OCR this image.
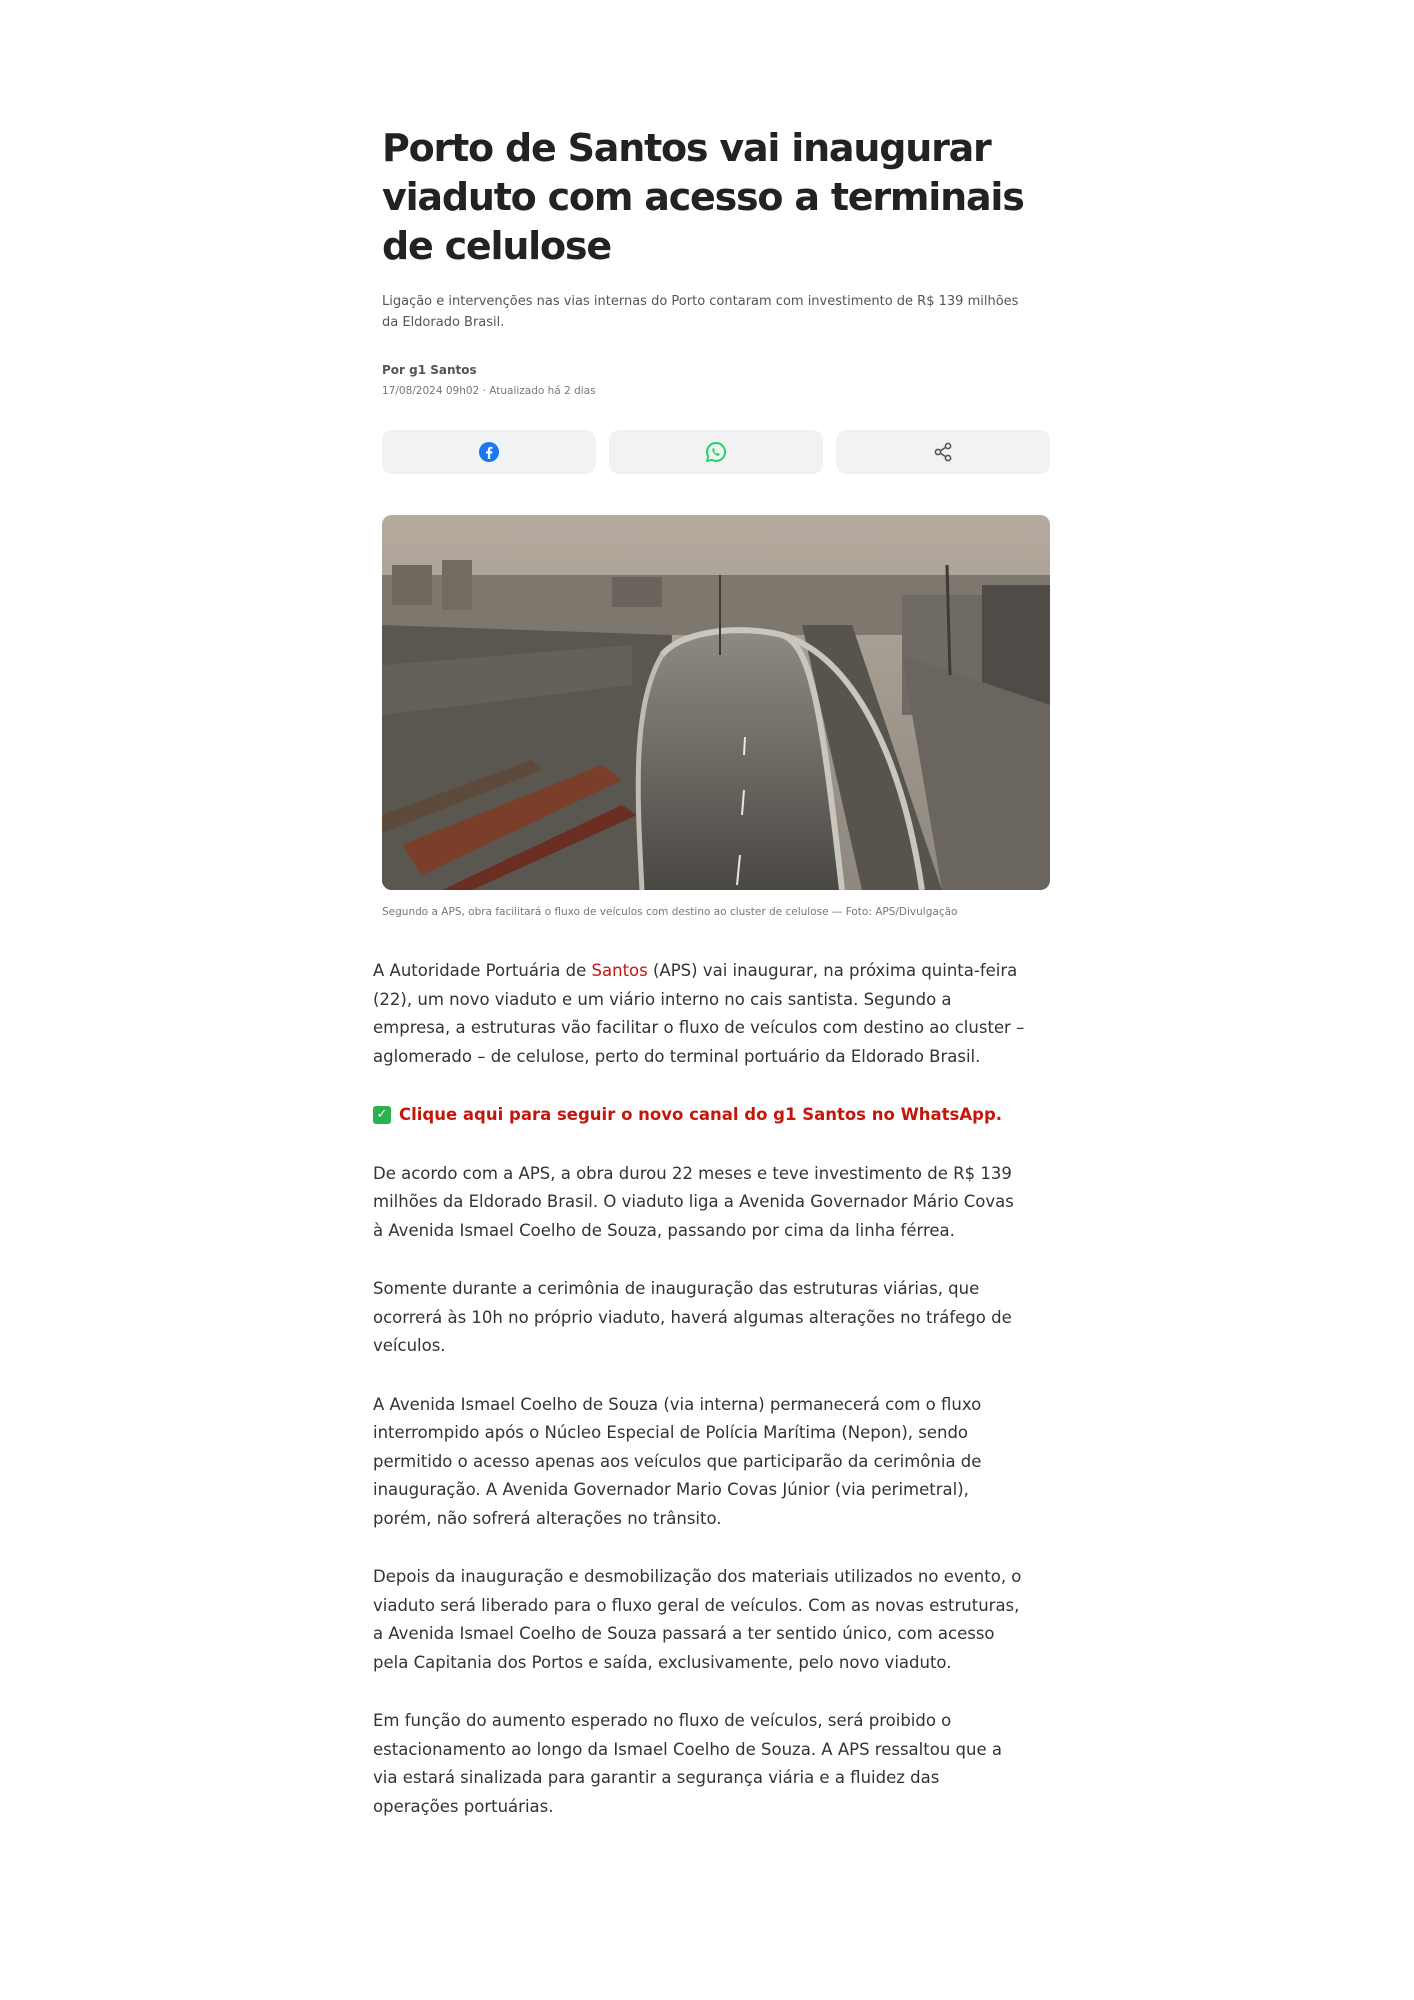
Porto de Santos vai inaugurar viaduto com acesso a terminais de celulose

Ligação e intervenções nas vias internas do Porto contaram com investimento de R$ 139 milhões da Eldorado Brasil.

Por g1 Santos
17/08/2024 09h02 · Atualizado há 2 dias
Segundo a APS, obra facilitará o fluxo de veículos com destino ao cluster de celulose — Foto: APS/Divulgação

A Autoridade Portuária de Santos (APS) vai inaugurar, na próxima quinta-feira (22), um novo viaduto e um viário interno no cais santista. Segundo a empresa, a estruturas vão facilitar o fluxo de veículos com destino ao cluster – aglomerado – de celulose, perto do terminal portuário da Eldorado Brasil.

✓ Clique aqui para seguir o novo canal do g1 Santos no WhatsApp.

De acordo com a APS, a obra durou 22 meses e teve investimento de R$ 139 milhões da Eldorado Brasil. O viaduto liga a Avenida Governador Mário Covas à Avenida Ismael Coelho de Souza, passando por cima da linha férrea.

Somente durante a cerimônia de inauguração das estruturas viárias, que ocorrerá às 10h no próprio viaduto, haverá algumas alterações no tráfego de veículos.

A Avenida Ismael Coelho de Souza (via interna) permanecerá com o fluxo interrompido após o Núcleo Especial de Polícia Marítima (Nepon), sendo permitido o acesso apenas aos veículos que participarão da cerimônia de inauguração. A Avenida Governador Mario Covas Júnior (via perimetral), porém, não sofrerá alterações no trânsito.

Depois da inauguração e desmobilização dos materiais utilizados no evento, o viaduto será liberado para o fluxo geral de veículos. Com as novas estruturas, a Avenida Ismael Coelho de Souza passará a ter sentido único, com acesso pela Capitania dos Portos e saída, exclusivamente, pelo novo viaduto.

Em função do aumento esperado no fluxo de veículos, será proibido o estacionamento ao longo da Ismael Coelho de Souza. A APS ressaltou que a via estará sinalizada para garantir a segurança viária e a fluidez das operações portuárias.
